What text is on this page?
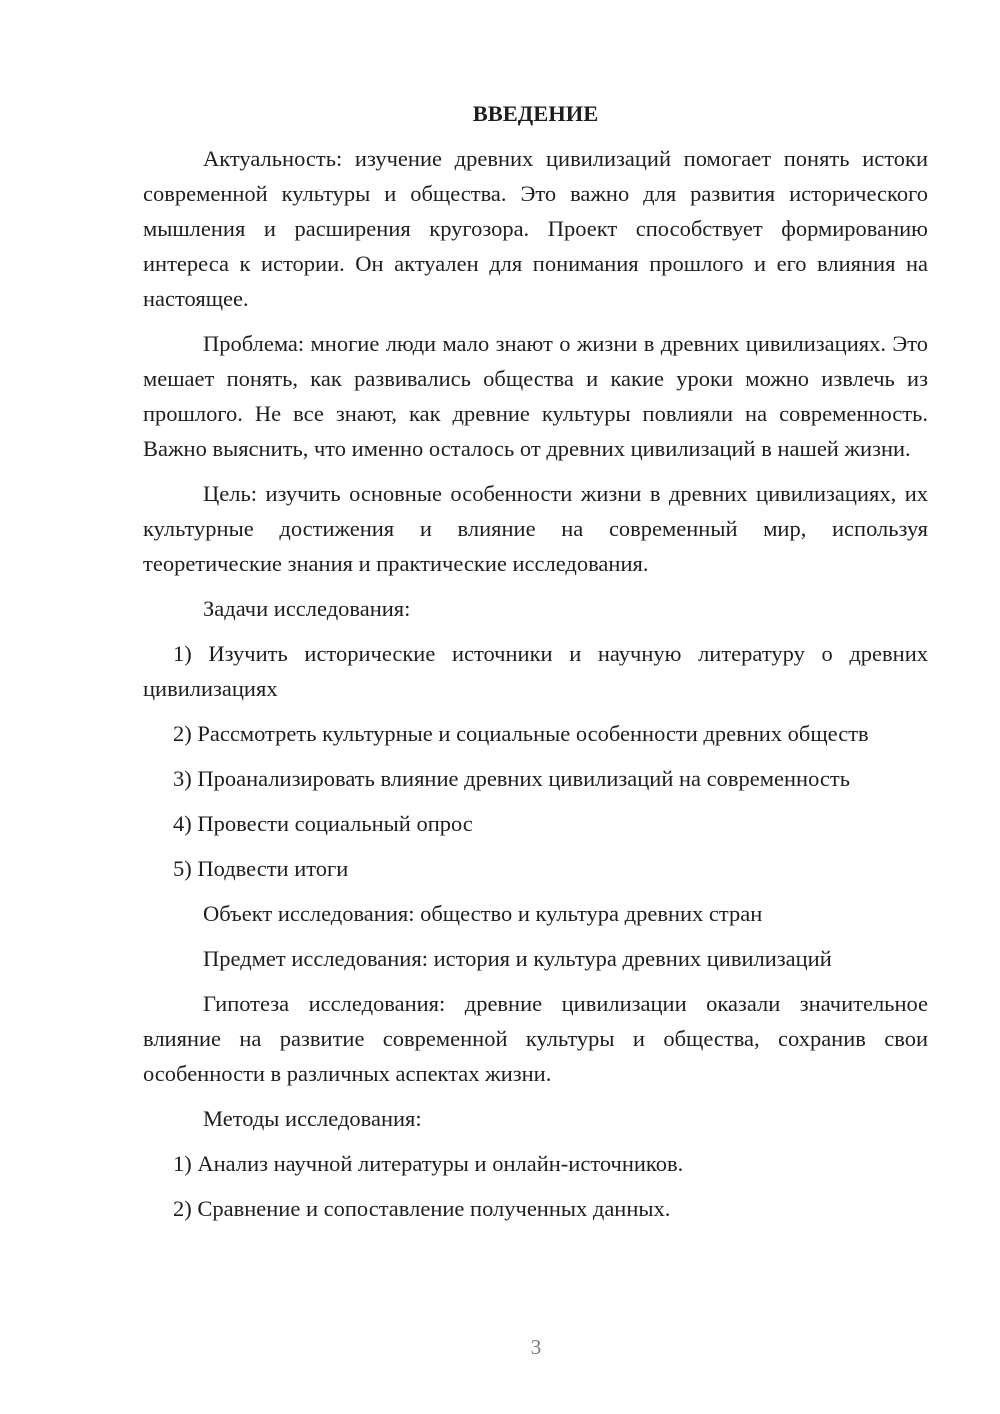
ВВЕДЕНИЕ
Актуальность: изучение древних цивилизаций помогает понять истоки современной культуры и общества. Это важно для развития исторического мышления и расширения кругозора. Проект способствует формированию интереса к истории. Он актуален для понимания прошлого и его влияния на настоящее.
Проблема: многие люди мало знают о жизни в древних цивилизациях. Это мешает понять, как развивались общества и какие уроки можно извлечь из прошлого. Не все знают, как древние культуры повлияли на современность. Важно выяснить, что именно осталось от древних цивилизаций в нашей жизни.
Цель: изучить основные особенности жизни в древних цивилизациях, их культурные достижения и влияние на современный мир, используя теоретические знания и практические исследования.
Задачи исследования:
1) Изучить исторические источники и научную литературу о древних цивилизациях
2) Рассмотреть культурные и социальные особенности древних обществ
3) Проанализировать влияние древних цивилизаций на современность
4) Провести социальный опрос
5) Подвести итоги
Объект исследования: общество и культура древних стран
Предмет исследования: история и культура древних цивилизаций
Гипотеза исследования: древние цивилизации оказали значительное влияние на развитие современной культуры и общества, сохранив свои особенности в различных аспектах жизни.
Методы исследования:
1) Анализ научной литературы и онлайн-источников.
2) Сравнение и сопоставление полученных данных.
3
